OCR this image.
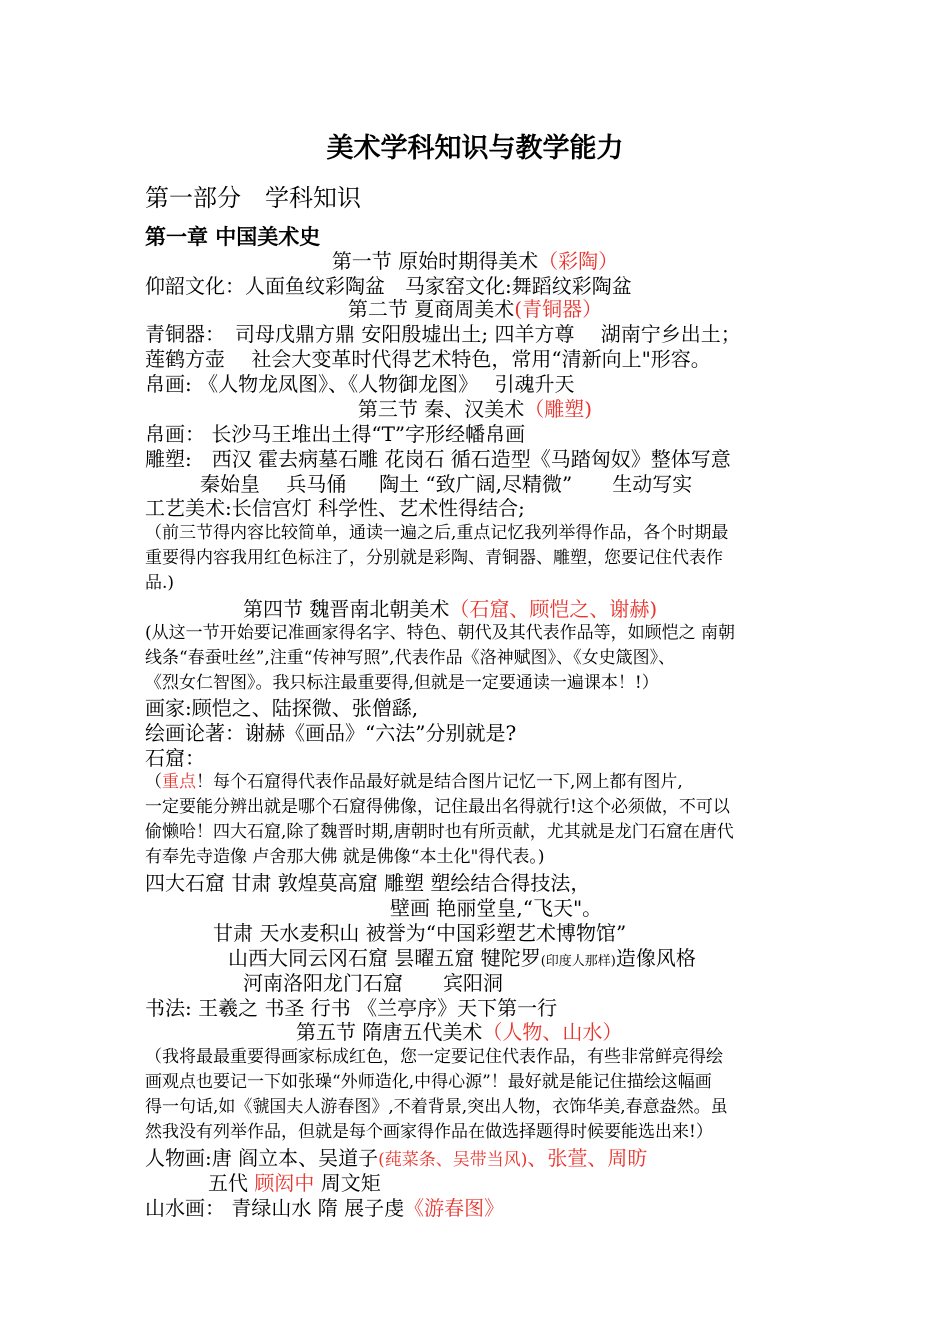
美术学科知识与教学能力
第一部分　学科知识
第一章 中国美术史
第一节 原始时期得美术（彩陶）
仰韶文化：人面鱼纹彩陶盆　马家窑文化:舞蹈纹彩陶盆
第二节 夏商周美术(青铜器）
青铜器：　司母戊鼎方鼎 安阳殷墟出土; 四羊方尊　 湖南宁乡出土；
莲鹤方壶　 社会大变革时代得艺术特色，常用“清新向上"形容。
帛画: 《人物龙凤图》、《人物御龙图》　 引魂升天
第三节 秦、汉美术（雕塑)
帛画： 长沙马王堆出土得“T”字形经幡帛画
雕塑:　西汉 霍去病墓石雕 花岗石 循石造型《马踏匈奴》整体写意
秦始皇　 兵马俑 　 陶土 “致广阔,尽精微”　　生动写实
工艺美术:长信宫灯 科学性、艺术性得结合;
（前三节得内容比较简单，通读一遍之后,重点记忆我列举得作品，各个时期最
重要得内容我用红色标注了，分别就是彩陶、青铜器、雕塑，您要记住代表作
品.)
第四节 魏晋南北朝美术（石窟、顾恺之、谢赫)
(从这一节开始要记准画家得名字、特色、朝代及其代表作品等，如顾恺之 南朝
线条“春蚕吐丝”,注重“传神写照”,代表作品《洛神赋图》、《女史箴图》、
《烈女仁智图》。我只标注最重要得,但就是一定要通读一遍课本！!）
画家:顾恺之、陆探微、张僧繇,
绘画论著：谢赫《画品》“六法”分别就是?
石窟：
（重点！每个石窟得代表作品最好就是结合图片记忆一下,网上都有图片,
一定要能分辨出就是哪个石窟得佛像，记住最出名得就行!这个必须做，不可以
偷懒哈！四大石窟,除了魏晋时期,唐朝时也有所贡献，尤其就是龙门石窟在唐代
有奉先寺造像 卢舍那大佛 就是佛像“本土化"得代表。)
四大石窟 甘肃 敦煌莫高窟 雕塑 塑绘结合得技法，
壁画 艳丽堂皇,“飞天"。
甘肃 天水麦积山 被誉为“中国彩塑艺术博物馆”
山西大同云冈石窟 昙曜五窟 犍陀罗(印度人那样)造像风格
河南洛阳龙门石窟　　宾阳洞
书法: 王羲之 书圣 行书 《兰亭序》天下第一行
第五节 隋唐五代美术（人物、山水）
（我将最最重要得画家标成红色，您一定要记住代表作品，有些非常鲜亮得绘
画观点也要记一下如张璪“外师造化,中得心源”！最好就是能记住描绘这幅画
得一句话,如《虢国夫人游春图》,不着背景,突出人物，衣饰华美,春意盎然。虽
然我没有列举作品，但就是每个画家得作品在做选择题得时候要能选出来!）
人物画:唐 阎立本、吴道子(莼菜条、吴带当风)、张萱、周昉
五代 顾闳中 周文矩
山水画： 青绿山水 隋 展子虔《游春图》
